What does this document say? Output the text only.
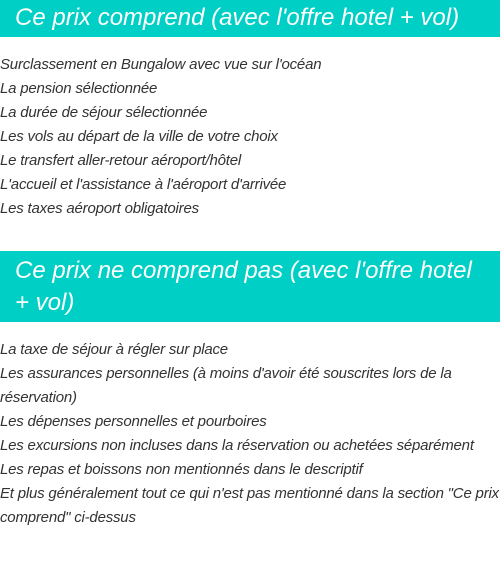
Ce prix comprend (avec l'offre hotel + vol)
Surclassement en Bungalow avec vue sur l'océan
La pension sélectionnée
La durée de séjour sélectionnée
Les vols au départ de la ville de votre choix
Le transfert aller-retour aéroport/hôtel
L'accueil et l'assistance à l'aéroport d'arrivée
Les taxes aéroport obligatoires
Ce prix ne comprend pas (avec l'offre hotel + vol)
La taxe de séjour à régler sur place
Les assurances personnelles (à moins d'avoir été souscrites lors de la réservation)
Les dépenses personnelles et pourboires
Les excursions non incluses dans la réservation ou achetées séparément
Les repas et boissons non mentionnés dans le descriptif
Et plus généralement tout ce qui n'est pas mentionné dans la section "Ce prix comprend" ci-dessus
